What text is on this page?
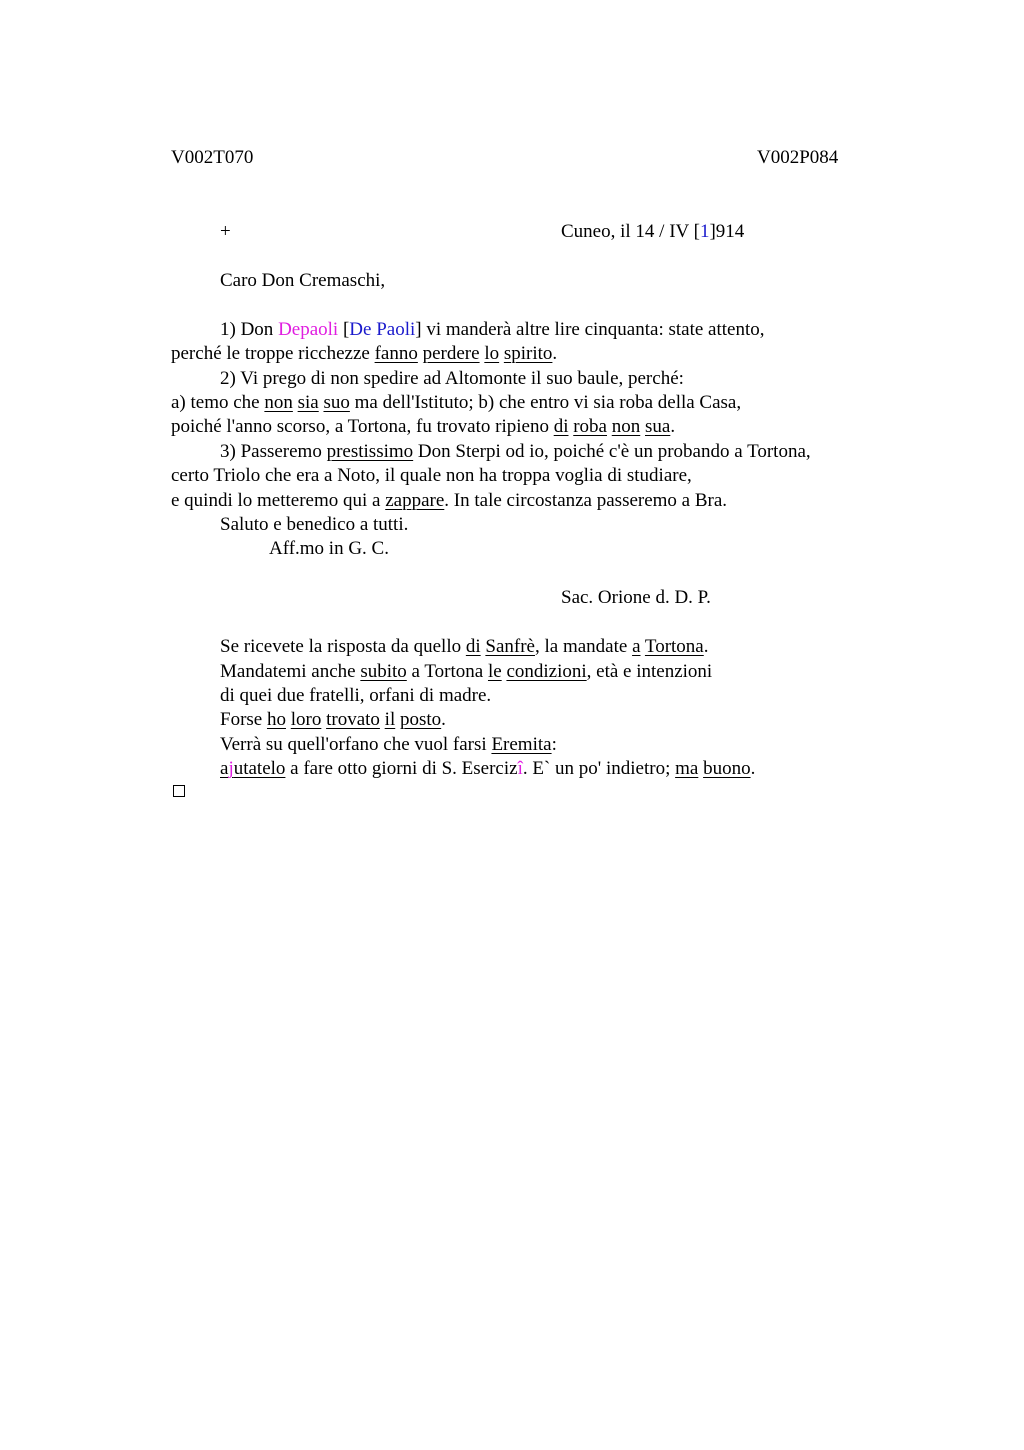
V002T070	V002P084
+	Cuneo, il 14 / IV [1]914
Caro Don Cremaschi,
1) Don Depaoli [De Paoli] vi manderà altre lire cinquanta: state attento,
perché le troppe ricchezze fanno perdere lo spirito.
2) Vi prego di non spedire ad Altomonte il suo baule, perché:
a) temo che non sia suo ma dell'Istituto; b) che entro vi sia roba della Casa,
poiché l'anno scorso, a Tortona, fu trovato ripieno di roba non sua.
3) Passeremo prestissimo Don Sterpi od io, poiché c'è un probando a Tortona,
certo Triolo che era a Noto, il quale non ha troppa voglia di studiare,
e quindi lo metteremo qui a zappare. In tale circostanza passeremo a Bra.
Saluto e benedico a tutti.
Aff.mo in G. C.
Sac. Orione d. D. P.
Se ricevete la risposta da quello di Sanfrè, la mandate a Tortona.
Mandatemi anche subito a Tortona le condizioni, età e intenzioni
di quei due fratelli, orfani di madre.
Forse ho loro trovato il posto.
Verrà su quell'orfano che vuol farsi Eremita:
ajutatelo a fare otto giorni di S. Esercizî. E` un po' indietro; ma buono.
